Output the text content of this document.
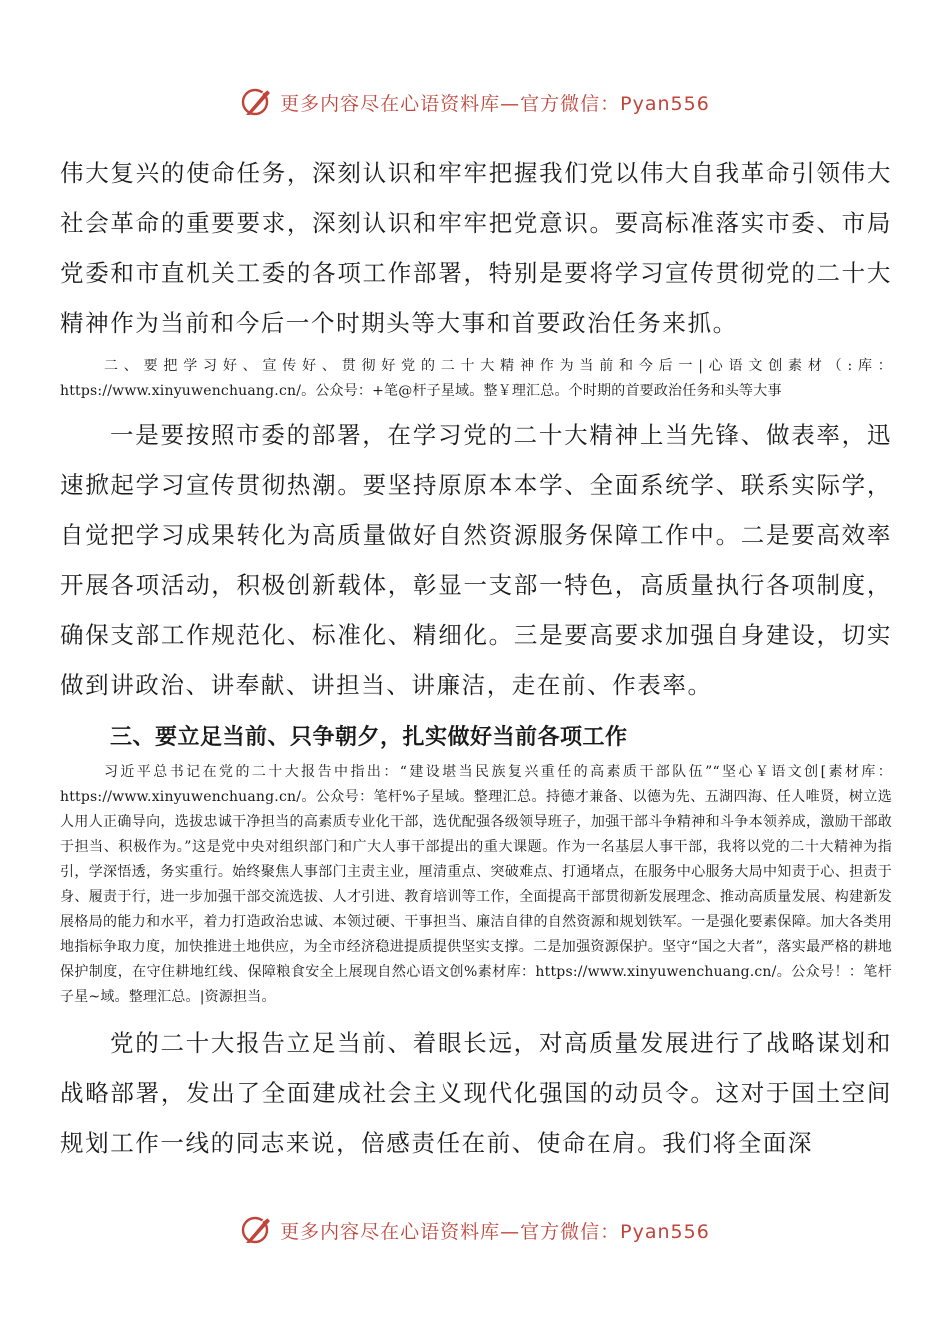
更多内容尽在心语资料库—官方微信：Pyan556

伟大复兴的使命任务，深刻认识和牢牢把握我们党以伟大自我革命引领伟大社会革命的重要要求，深刻认识和牢牢把党意识。要高标准落实市委、市局党委和市直机关工委的各项工作部署，特别是要将学习宣传贯彻党的二十大精神作为当前和今后一个时期头等大事和首要政治任务来抓。

二、要把学习好、宣传好、贯彻好党的二十大精神作为当前和今后一|心语文创素材（:库：https://www.xinyuwenchuang.cn/。公众号：+笔@杆子星域。整￥理汇总。个时期的首要政治任务和头等大事

一是要按照市委的部署，在学习党的二十大精神上当先锋、做表率，迅速掀起学习宣传贯彻热潮。要坚持原原本本学、全面系统学、联系实际学，自觉把学习成果转化为高质量做好自然资源服务保障工作中。二是要高效率开展各项活动，积极创新载体，彰显一支部一特色，高质量执行各项制度，确保支部工作规范化、标准化、精细化。三是要高要求加强自身建设，切实做到讲政治、讲奉献、讲担当、讲廉洁，走在前、作表率。

三、要立足当前、只争朝夕，扎实做好当前各项工作

习近平总书记在党的二十大报告中指出：“建设堪当民族复兴重任的高素质干部队伍”“坚心￥语文创[素材库：https://www.xinyuwenchuang.cn/。公众号：笔杆%子星域。整理汇总。持德才兼备、以德为先、五湖四海、任人唯贤，树立选人用人正确导向，选拔忠诚干净担当的高素质专业化干部，选优配强各级领导班子，加强干部斗争精神和斗争本领养成，激励干部敢于担当、积极作为。”这是党中央对组织部门和广大人事干部提出的重大课题。作为一名基层人事干部，我将以党的二十大精神为指引，学深悟透，务实重行。始终聚焦人事部门主责主业，厘清重点、突破难点、打通堵点，在服务中心服务大局中知责于心、担责于身、履责于行，进一步加强干部交流选拔、人才引进、教育培训等工作，全面提高干部贯彻新发展理念、推动高质量发展、构建新发展格局的能力和水平，着力打造政治忠诚、本领过硬、干事担当、廉洁自律的自然资源和规划铁军。一是强化要素保障。加大各类用地指标争取力度，加快推进土地供应，为全市经济稳进提质提供坚实支撑。二是加强资源保护。坚守“国之大者”，落实最严格的耕地保护制度，在守住耕地红线、保障粮食安全上展现自然心语文创%素材库：https://www.xinyuwenchuang.cn/。公众号！：笔杆子星~域。整理汇总。|资源担当。

党的二十大报告立足当前、着眼长远，对高质量发展进行了战略谋划和战略部署，发出了全面建成社会主义现代化强国的动员令。这对于国土空间规划工作一线的同志来说，倍感责任在前、使命在肩。我们将全面深

更多内容尽在心语资料库—官方微信：Pyan556
